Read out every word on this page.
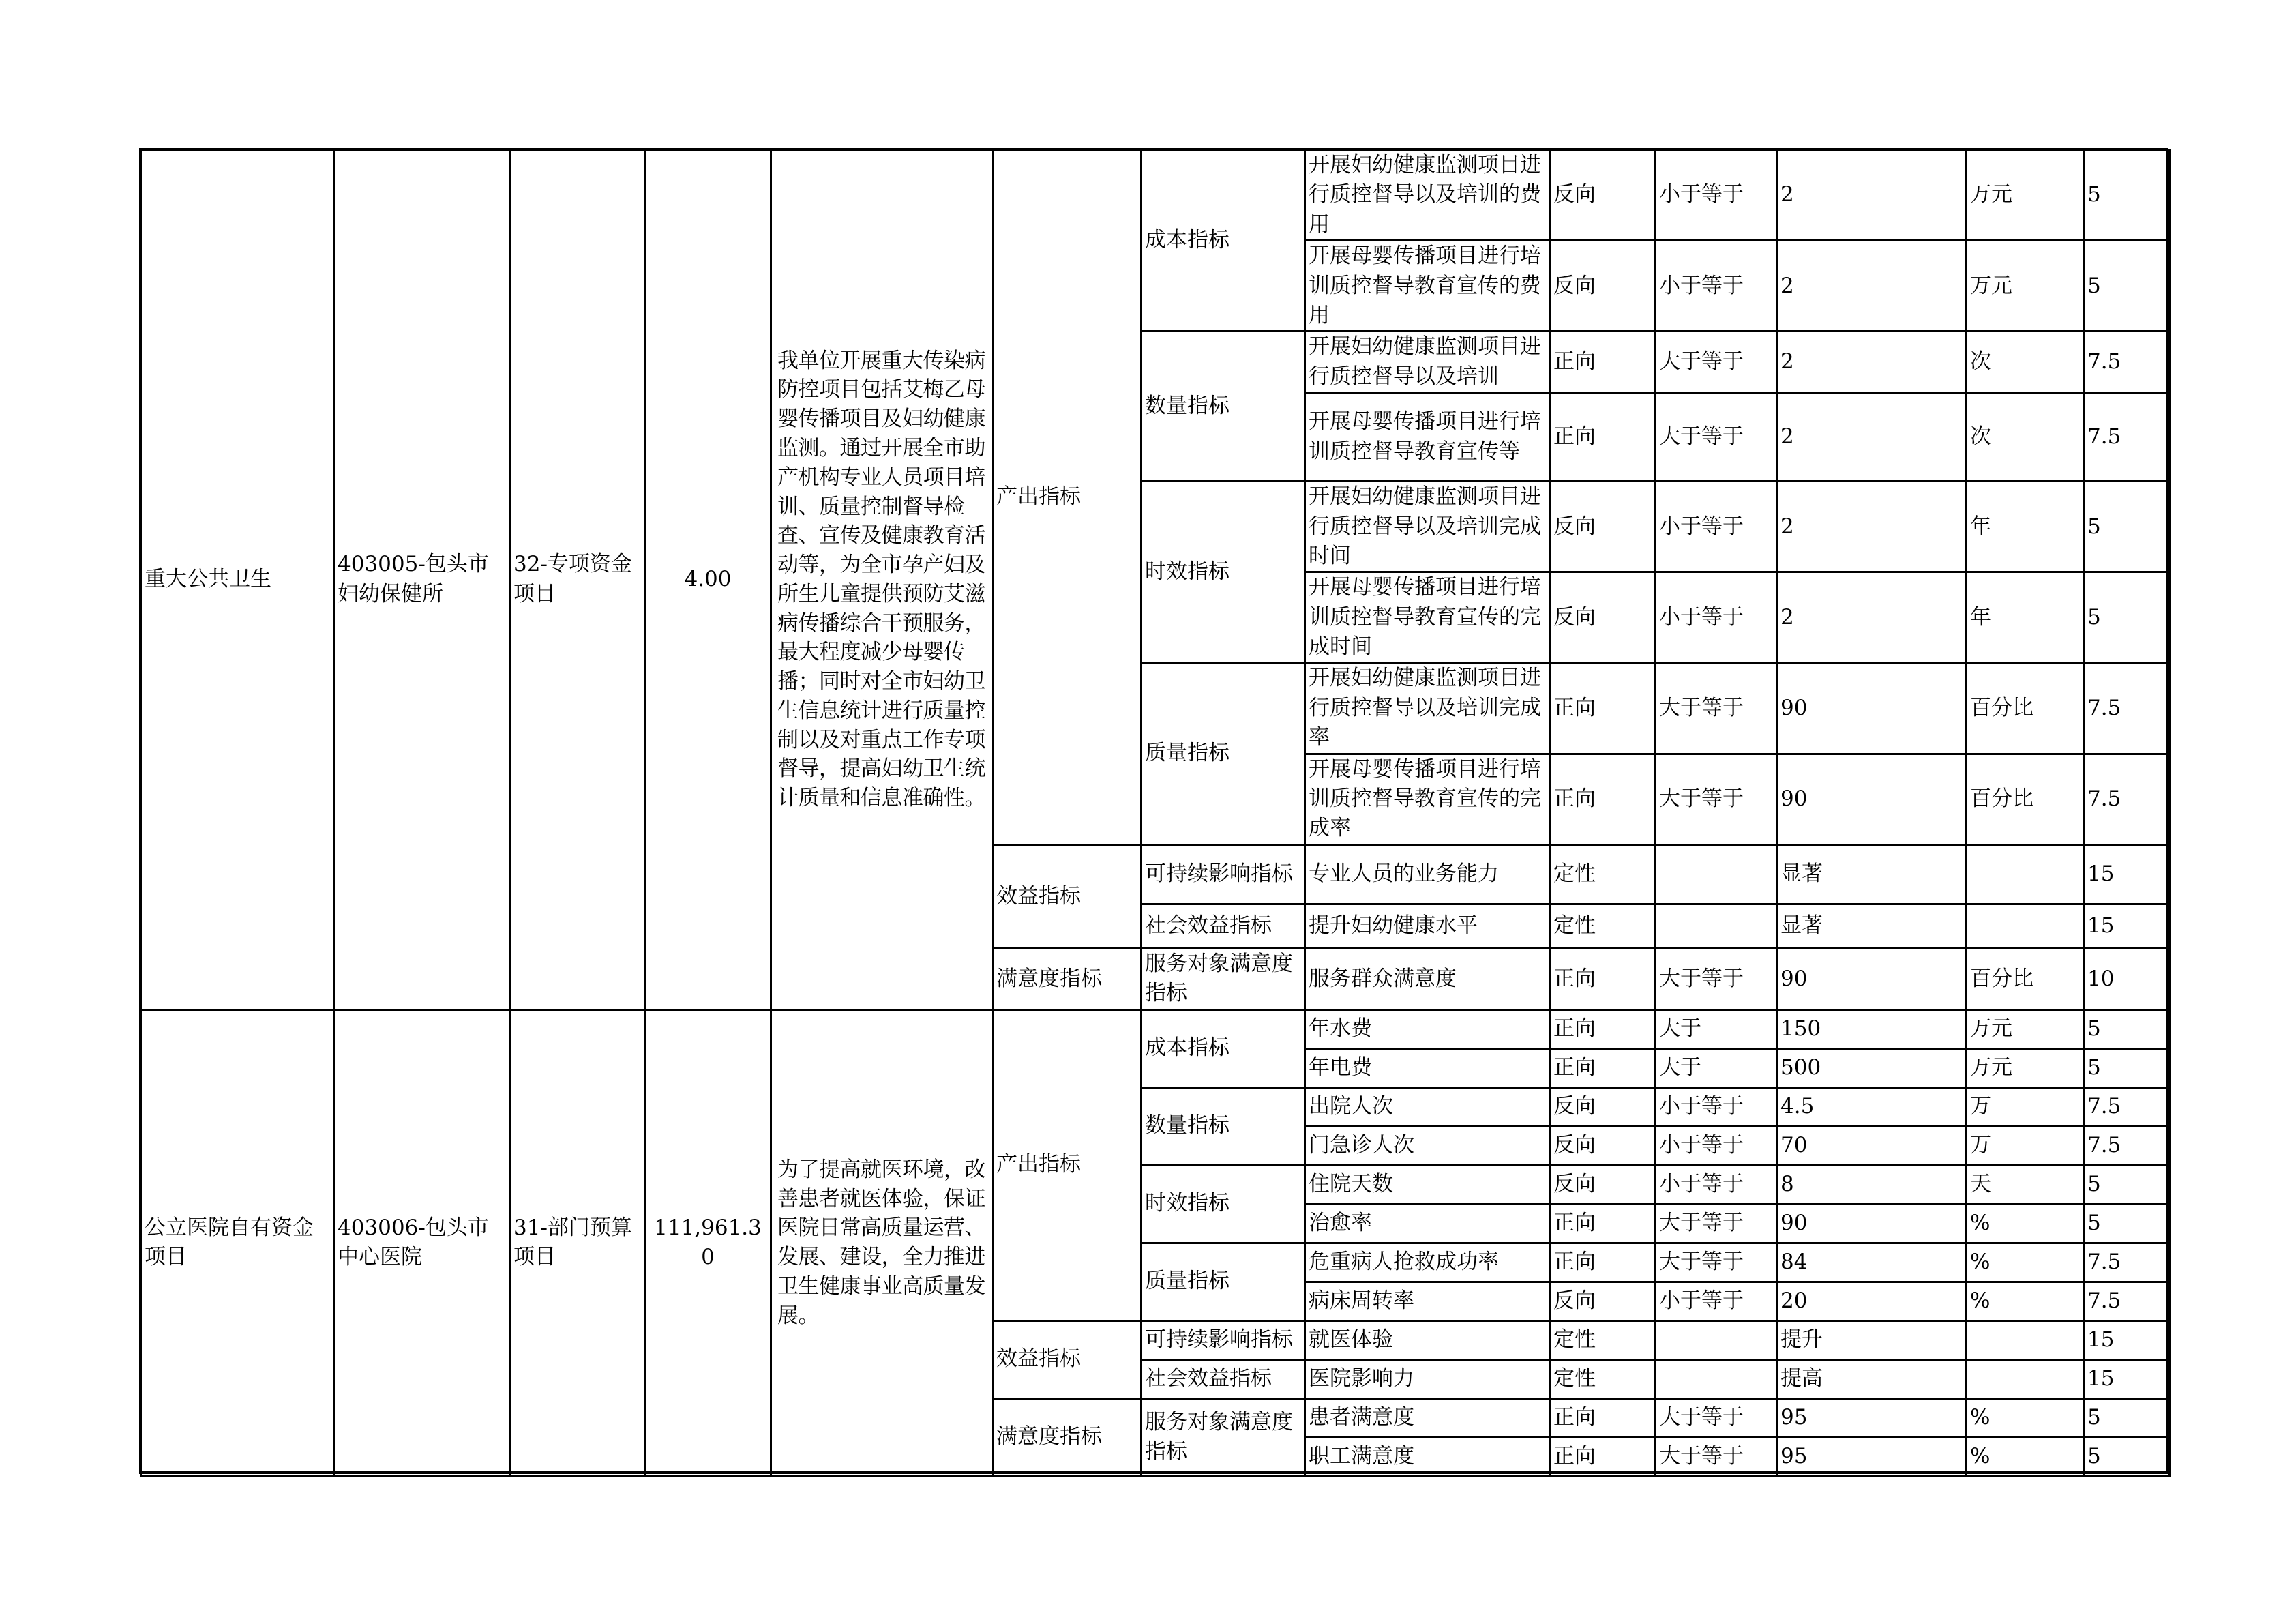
重大公共卫生	403005-包头市妇幼保健所	32-专项资金项目	4.00	我单位开展重大传染病防控项目包括艾梅乙母婴传播项目及妇幼健康监测。通过开展全市助产机构专业人员项目培训、质量控制督导检查、宣传及健康教育活动等，为全市孕产妇及所生儿童提供预防艾滋病传播综合干预服务，最大程度减少母婴传播；同时对全市妇幼卫生信息统计进行质量控制以及对重点工作专项督导，提高妇幼卫生统计质量和信息准确性。	产出指标	成本指标	开展妇幼健康监测项目进行质控督导以及培训的费用	反向	小于等于	2	万元	5
							开展母婴传播项目进行培训质控督导教育宣传的费用	反向	小于等于	2	万元	5
						数量指标	开展妇幼健康监测项目进行质控督导以及培训	正向	大于等于	2	次	7.5
							开展母婴传播项目进行培训质控督导教育宣传等	正向	大于等于	2	次	7.5
						时效指标	开展妇幼健康监测项目进行质控督导以及培训完成时间	反向	小于等于	2	年	5
							开展母婴传播项目进行培训质控督导教育宣传的完成时间	反向	小于等于	2	年	5
						质量指标	开展妇幼健康监测项目进行质控督导以及培训完成率	正向	大于等于	90	百分比	7.5
							开展母婴传播项目进行培训质控督导教育宣传的完成率	正向	大于等于	90	百分比	7.5
					效益指标	可持续影响指标	专业人员的业务能力	定性		显著		15
						社会效益指标	提升妇幼健康水平	定性		显著		15
					满意度指标	服务对象满意度指标	服务群众满意度	正向	大于等于	90	百分比	10
公立医院自有资金项目	403006-包头市中心医院	31-部门预算项目	111,961.30	为了提高就医环境，改善患者就医体验，保证医院日常高质量运营、发展、建设，全力推进卫生健康事业高质量发展。	产出指标	成本指标	年水费	正向	大于	150	万元	5
							年电费	正向	大于	500	万元	5
						数量指标	出院人次	反向	小于等于	4.5	万	7.5
							门急诊人次	反向	小于等于	70	万	7.5
						时效指标	住院天数	反向	小于等于	8	天	5
							治愈率	正向	大于等于	90	%	5
						质量指标	危重病人抢救成功率	正向	大于等于	84	%	7.5
							病床周转率	反向	小于等于	20	%	7.5
					效益指标	可持续影响指标	就医体验	定性		提升		15
						社会效益指标	医院影响力	定性		提高		15
					满意度指标	服务对象满意度指标	患者满意度	正向	大于等于	95	%	5
							职工满意度	正向	大于等于	95	%	5
